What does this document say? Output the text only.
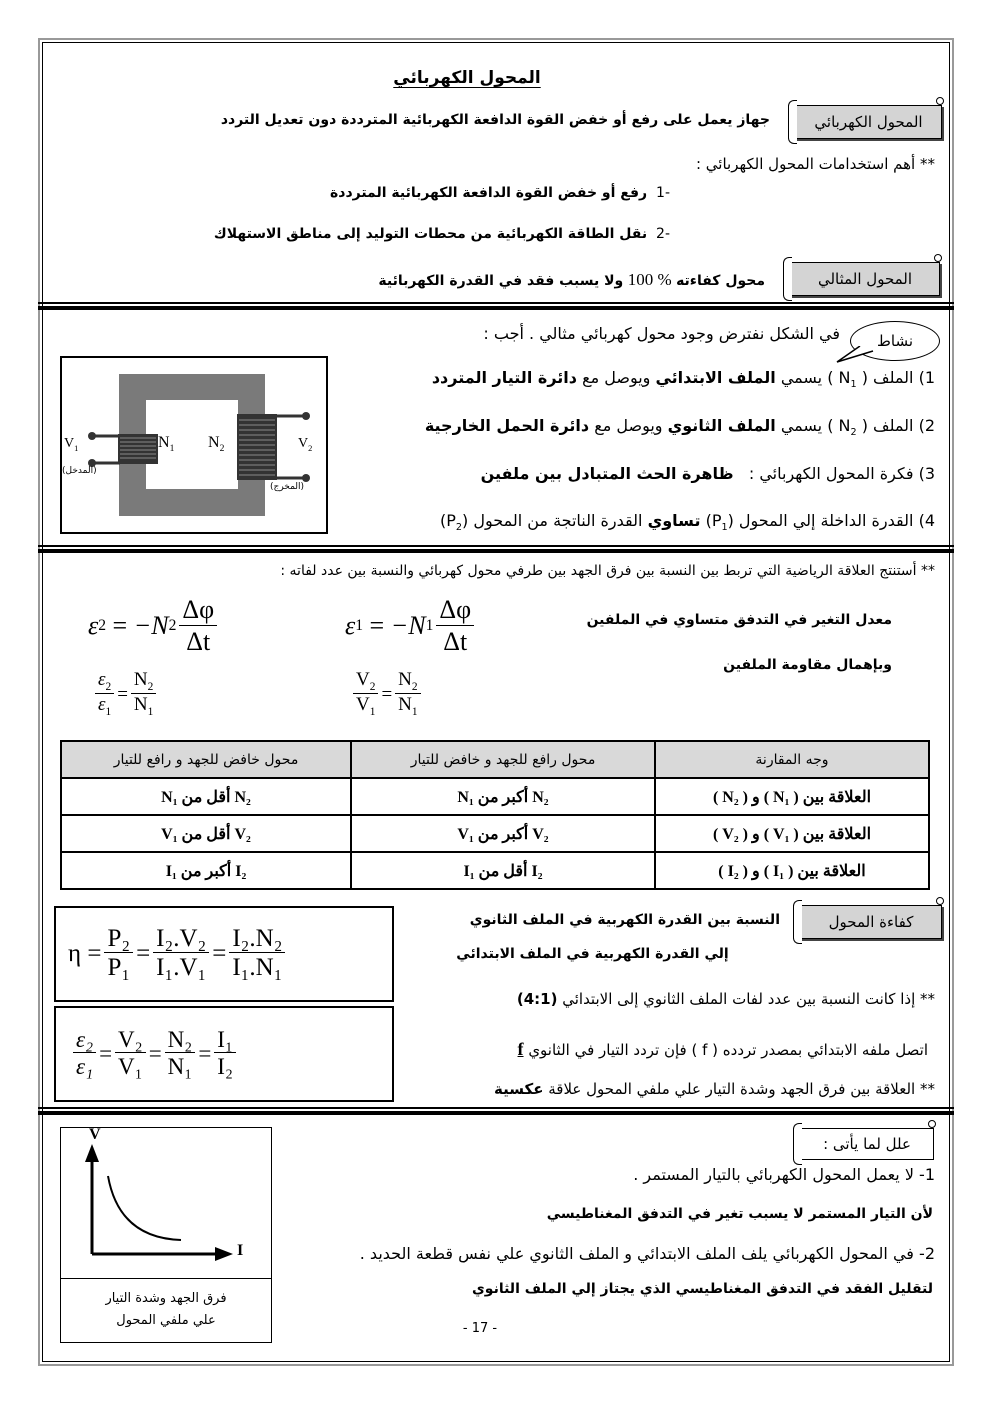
المحول الكهربائي
المحول الكهربائي
جهاز يعمل على رفع أو خفض القوة الدافعة الكهربائية المترددة دون تعديل التردد
** أهم استخدامات المحول الكهربائي :
-1  رفع أو خفض القوة الدافعة الكهربائية المترددة
-2  نقل الطاقة الكهربائية من محطات التوليد إلى مناطق الاستهلاك
المحول المثالي
محول كفاءته 100 % ولا يسبب فقد في القدرة الكهربائية
نشاط
في الشكل نفترض وجود محول كهربائي مثالي . أجب :
1) الملف ( $N_1$ ) يسمي الملف الابتدائي ويوصل مع دائرة التيار المتردد
2) الملف ( $N_2$ ) يسمي الملف الثانوي ويوصل مع دائرة الحمل الخارجية
3) فكرة المحول الكهربائي :   ظاهرة الحث المتبادل بين ملفين
4) القدرة الداخلة إلي المحول $(P_1)$ تساوي القدرة الناتجة من المحول $(P_2)$
$V_1$	$N_1$ $N_2$	$V_2$
(المدخل)
(المخرج)
** أستنتج العلاقة الرياضية التي تربط بين النسبة بين فرق الجهد بين طرفي محول كهربائي والنسبة بين عدد لفاته :
معدل التغير في التدفق متساوي في الملفين
وبإهمال مقاومة الملفين
ε 1 = −N $1 \frac{\Delta\varphi}{\Delta t}$
ε 2 = −N $2 \frac{\Delta\varphi}{\Delta t}$
$\frac{V_2}{V_1} = \frac{N_2}{N_1}$
$\frac{\varepsilon_2}{\varepsilon_1} = \frac{N_2}{N_1}$
وجه المقارنة	محول رافع للجهد و خافض للتيار	محول خافض للجهد و رافع للتيار
العلاقة بين ( N₁ ) و ( N₂ )	N₂ أكبر من N₁	N₂ أقل من N₁
العلاقة بين ( V₁ ) و ( V₂ )	V₂ أكبر من V₁	V₂ أقل من V₁
العلاقة بين ( I₁ ) و ( I₂ )	I₂ أقل من I₁	I₂ أكبر من I₁
كفاءة المحول
النسبة بين القدرة الكهربية في الملف الثانوي
إلي القدرة الكهربية في الملف الابتدائي
$\eta = \frac{\text{P₂}}{\text{P₁}} = \frac{\text{I₂.V₂}}{\text{I₁.V₁}} = \frac{\text{I₂.N₂}}{\text{I₁.N₁}}$
$\frac{\text{ε₂}}{\text{ε₁}} = \frac{\text{V₂}}{\text{V₁}} = \frac{\text{N₂}}{\text{N₁}} = \frac{\text{I₁}}{\text{I₂}}$
** إذا كانت النسبة بين عدد لفات الملف الثانوي إلى الابتدائي (4:1)
اتصل ملفه الابتدائي بمصدر تردده ( f ) فإن تردد التيار في الثانوي f
** العلاقة بين فرق الجهد وشدة التيار علي ملفي المحول علاقة عكسية
علل لما يأتى :
1- لا يعمل المحول الكهربائي بالتيار المستمر .
لأن التيار المستمر لا يسبب تغير في التدفق المغناطيسي
2- في المحول الكهربائي يلف الملف الابتدائي و الملف الثانوي علي نفس قطعة الحديد .
لتقليل الفقد في التدفق المغناطيسي الذي يجتاز إلي الملف الثانوي
V
I
فرق الجهد وشدة التيار
علي ملفي المحول
- 17 -
